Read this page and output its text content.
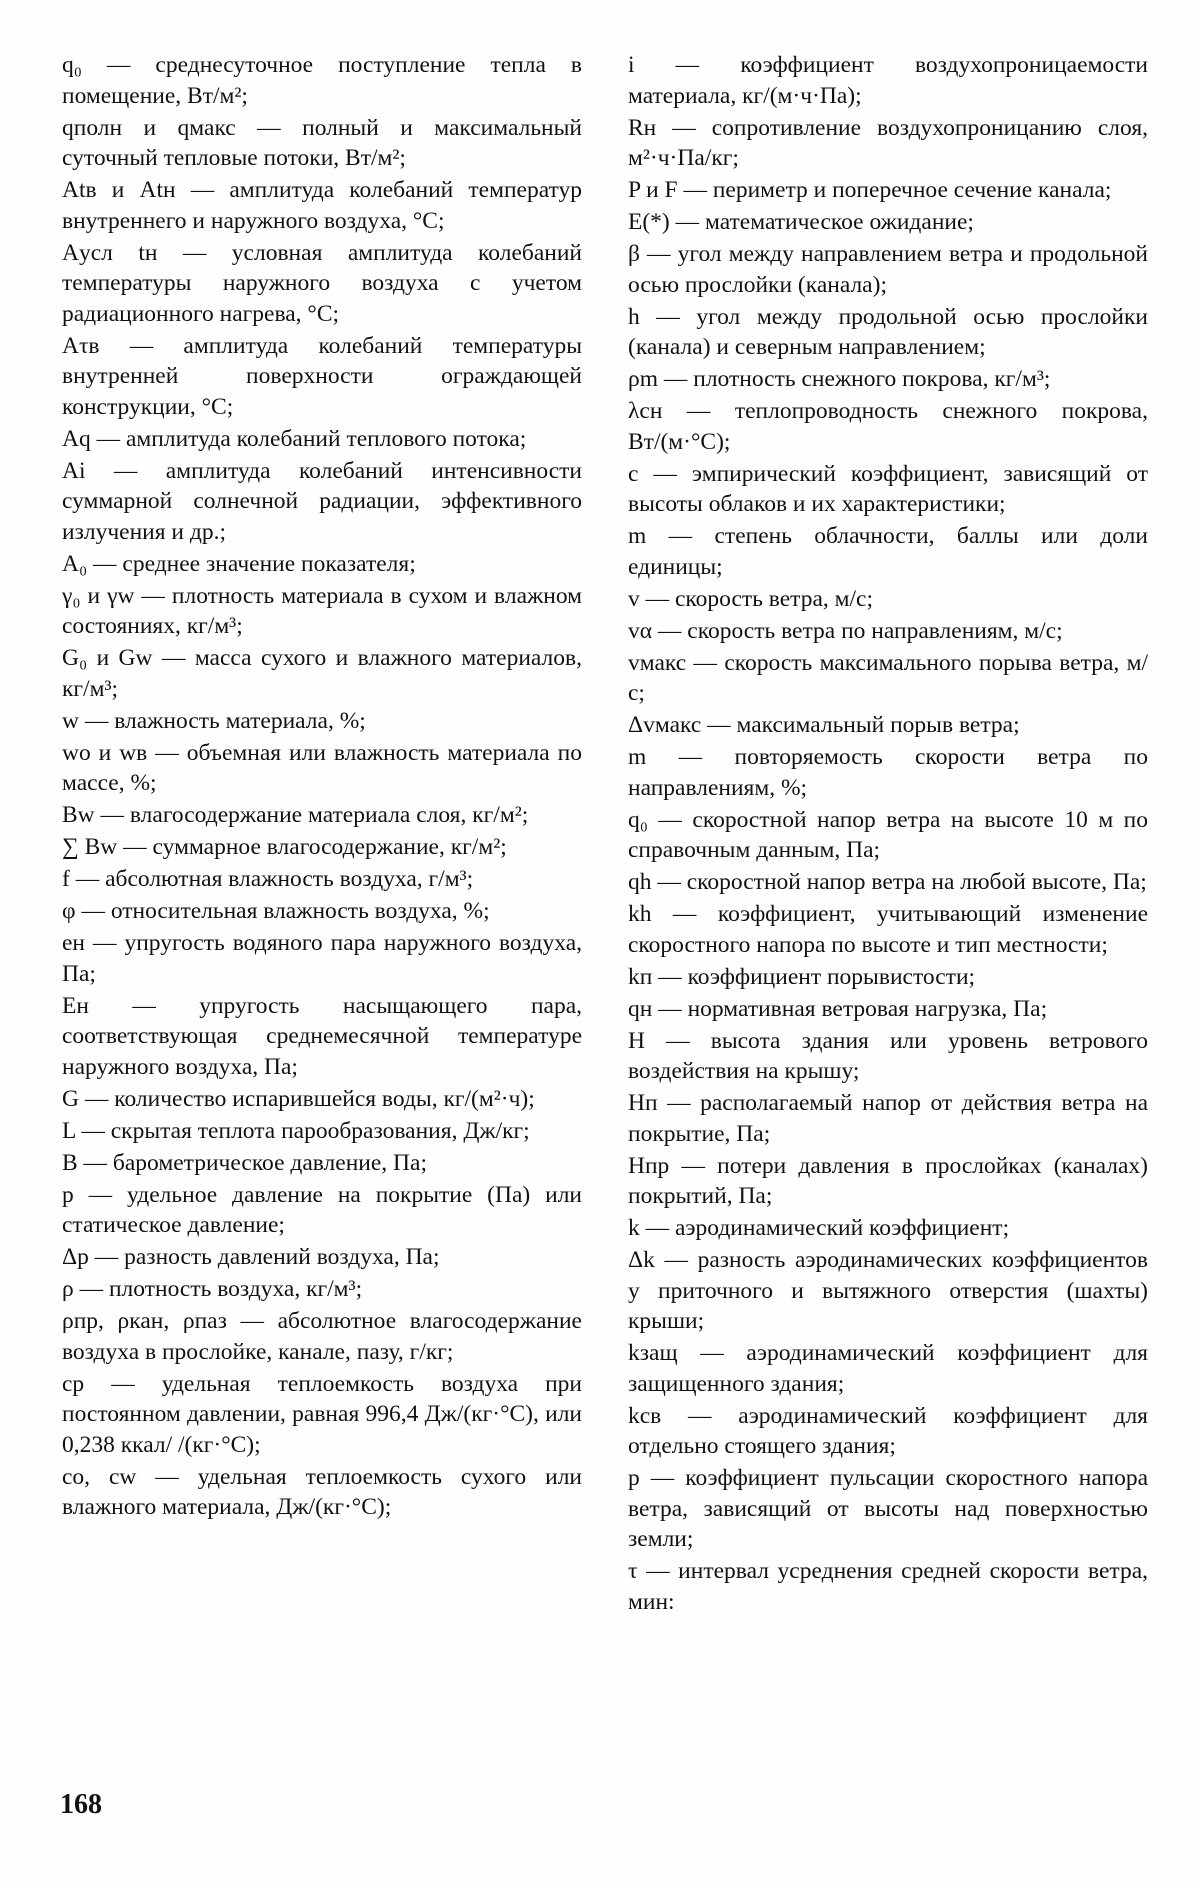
q₀ — среднесуточное поступление тепла в помещение, Вт/м²;
qполн и qмакс — полный и максимальный суточный тепловые потоки, Вт/м²;
Atв и Atн — амплитуда колебаний температур внутреннего и наружного воздуха, °С;
Aусл tн — условная амплитуда колебаний температуры наружного воздуха с учетом радиационного нагрева, °С;
Aτв — амплитуда колебаний температуры внутренней поверхности ограждающей конструкции, °С;
Aq — амплитуда колебаний теплового потока;
Ai — амплитуда колебаний интенсивности суммарной солнечной радиации, эффективного излучения и др.;
A₀ — среднее значение показателя;
γ₀ и γw — плотность материала в сухом и влажном состояниях, кг/м³;
G₀ и Gw — масса сухого и влажного материалов, кг/м³;
w — влажность материала, %;
wо и wв — объемная или влажность материала по массе, %;
Bw — влагосодержание материала слоя, кг/м²;
∑ Bw — суммарное влагосодержание, кг/м²;
f — абсолютная влажность воздуха, г/м³;
φ — относительная влажность воздуха, %;
eн — упругость водяного пара наружного воздуха, Па;
Eн — упругость насыщающего пара, соответствующая среднемесячной температуре наружного воздуха, Па;
G — количество испарившейся воды, кг/(м²·ч);
L — скрытая теплота парообразования, Дж/кг;
B — барометрическое давление, Па;
p — удельное давление на покрытие (Па) или статическое давление;
Δp — разность давлений воздуха, Па;
ρ — плотность воздуха, кг/м³;
ρпр, ρкан, ρпаз — абсолютное влагосодержание воздуха в прослойке, канале, пазу, г/кг;
cр — удельная теплоемкость воздуха при постоянном давлении, равная 996,4 Дж/(кг·°С), или 0,238 ккал/ /(кг·°С);
cо, cw — удельная теплоемкость сухого или влажного материала, Дж/(кг·°С);
i — коэффициент воздухопроницаемости материала, кг/(м·ч·Па);
Rн — сопротивление воздухопроницанию слоя, м²·ч·Па/кг;
P и F — периметр и поперечное сечение канала;
E(*) — математическое ожидание;
β — угол между направлением ветра и продольной осью прослойки (канала);
h — угол между продольной осью прослойки (канала) и северным направлением;
ρm — плотность снежного покрова, кг/м³;
λсн — теплопроводность снежного покрова, Вт/(м·°С);
c — эмпирический коэффициент, зависящий от высоты облаков и их характеристики;
m — степень облачности, баллы или доли единицы;
v — скорость ветра, м/с;
vα — скорость ветра по направлениям, м/с;
vмакс — скорость максимального порыва ветра, м/с;
Δvмакс — максимальный порыв ветра;
m — повторяемость скорости ветра по направлениям, %;
q₀ — скоростной напор ветра на высоте 10 м по справочным данным, Па;
qh — скоростной напор ветра на любой высоте, Па;
kh — коэффициент, учитывающий изменение скоростного напора по высоте и тип местности;
kп — коэффициент порывистости;
qн — нормативная ветровая нагрузка, Па;
H — высота здания или уровень ветрового воздействия на крышу;
Hп — располагаемый напор от действия ветра на покрытие, Па;
Hпр — потери давления в прослойках (каналах) покрытий, Па;
k — аэродинамический коэффициент;
Δk — разность аэродинамических коэффициентов у приточного и вытяжного отверстия (шахты) крыши;
kзащ — аэродинамический коэффициент для защищенного здания;
kсв — аэродинамический коэффициент для отдельно стоящего здания;
p — коэффициент пульсации скоростного напора ветра, зависящий от высоты над поверхностью земли;
τ — интервал усреднения средней скорости ветра, мин:
168
